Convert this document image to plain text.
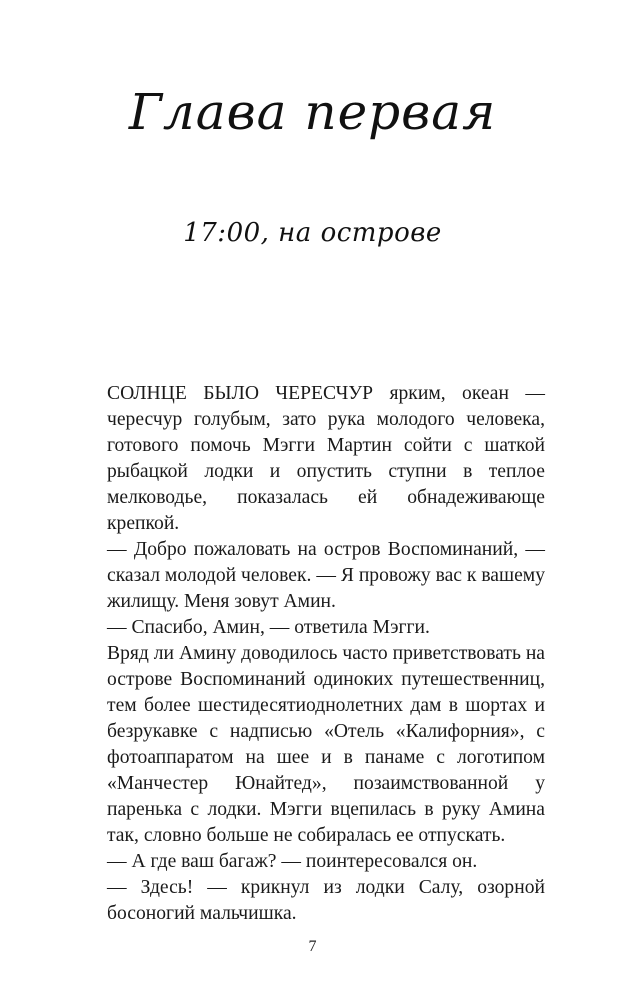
Глава первая
17:00, на острове

СОЛНЦЕ БЫЛО ЧЕРЕСЧУР ярким, океан — чересчур голубым, зато рука молодого человека, готового помочь Мэгги Мартин сойти с шаткой рыбацкой лодки и опустить ступни в теплое мелководье, показалась ей обнадеживающе крепкой.

— Добро пожаловать на остров Воспоминаний, — сказал молодой человек. — Я провожу вас к вашему жилищу. Меня зовут Амин.

— Спасибо, Амин, — ответила Мэгги.

Вряд ли Амину доводилось часто приветствовать на острове Воспоминаний одиноких путешественниц, тем более шестидесятиоднолетних дам в шортах и безрукавке с надписью «Отель «Калифорния», с фотоаппаратом на шее и в панаме с логотипом «Манчестер Юнайтед», позаимствованной у паренька с лодки. Мэгги вцепилась в руку Амина так, словно больше не собиралась ее отпускать.

— А где ваш багаж? — поинтересовался он.

— Здесь! — крикнул из лодки Салу, озорной босоногий мальчишка.

7
